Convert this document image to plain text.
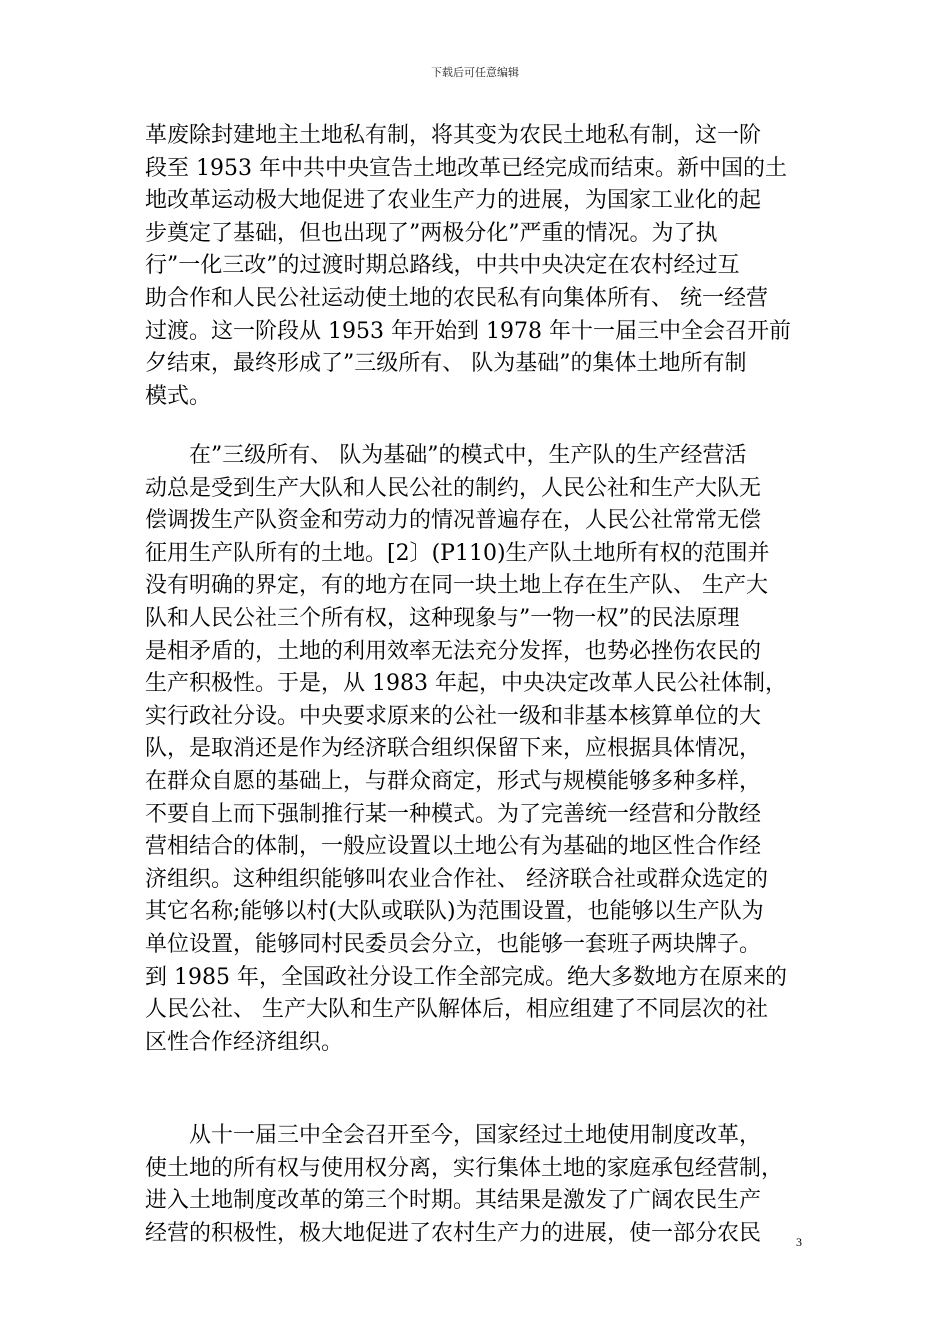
下载后可任意编辑
革废除封建地主土地私有制，将其变为农民土地私有制，这一阶
段至 1953 年中共中央宣告土地改革已经完成而结束。新中国的土
地改革运动极大地促进了农业生产力的进展，为国家工业化的起
步奠定了基础，但也出现了”两极分化”严重的情况。为了执
行”一化三改”的过渡时期总路线，中共中央决定在农村经过互
助合作和人民公社运动使土地的农民私有向集体所有、 统一经营
过渡。这一阶段从 1953 年开始到 1978 年十一届三中全会召开前
夕结束，最终形成了”三级所有、 队为基础”的集体土地所有制
模式。
在”三级所有、 队为基础”的模式中，生产队的生产经营活
动总是受到生产大队和人民公社的制约，人民公社和生产大队无
偿调拨生产队资金和劳动力的情况普遍存在，人民公社常常无偿
征用生产队所有的土地。[2〕(P110)生产队土地所有权的范围并
没有明确的界定，有的地方在同一块土地上存在生产队、 生产大
队和人民公社三个所有权，这种现象与”一物一权”的民法原理
是相矛盾的，土地的利用效率无法充分发挥，也势必挫伤农民的
生产积极性。于是，从 1983 年起，中央决定改革人民公社体制，
实行政社分设。中央要求原来的公社一级和非基本核算单位的大
队，是取消还是作为经济联合组织保留下来，应根据具体情况，
在群众自愿的基础上，与群众商定，形式与规模能够多种多样，
不要自上而下强制推行某一种模式。为了完善统一经营和分散经
营相结合的体制，一般应设置以土地公有为基础的地区性合作经
济组织。这种组织能够叫农业合作社、 经济联合社或群众选定的
其它名称;能够以村(大队或联队)为范围设置，也能够以生产队为
单位设置，能够同村民委员会分立，也能够一套班子两块牌子。
到 1985 年，全国政社分设工作全部完成。绝大多数地方在原来的
人民公社、 生产大队和生产队解体后，相应组建了不同层次的社
区性合作经济组织。
从十一届三中全会召开至今，国家经过土地使用制度改革，
使土地的所有权与使用权分离，实行集体土地的家庭承包经营制，
进入土地制度改革的第三个时期。其结果是激发了广阔农民生产
经营的积极性，极大地促进了农村生产力的进展，使一部分农民	3
